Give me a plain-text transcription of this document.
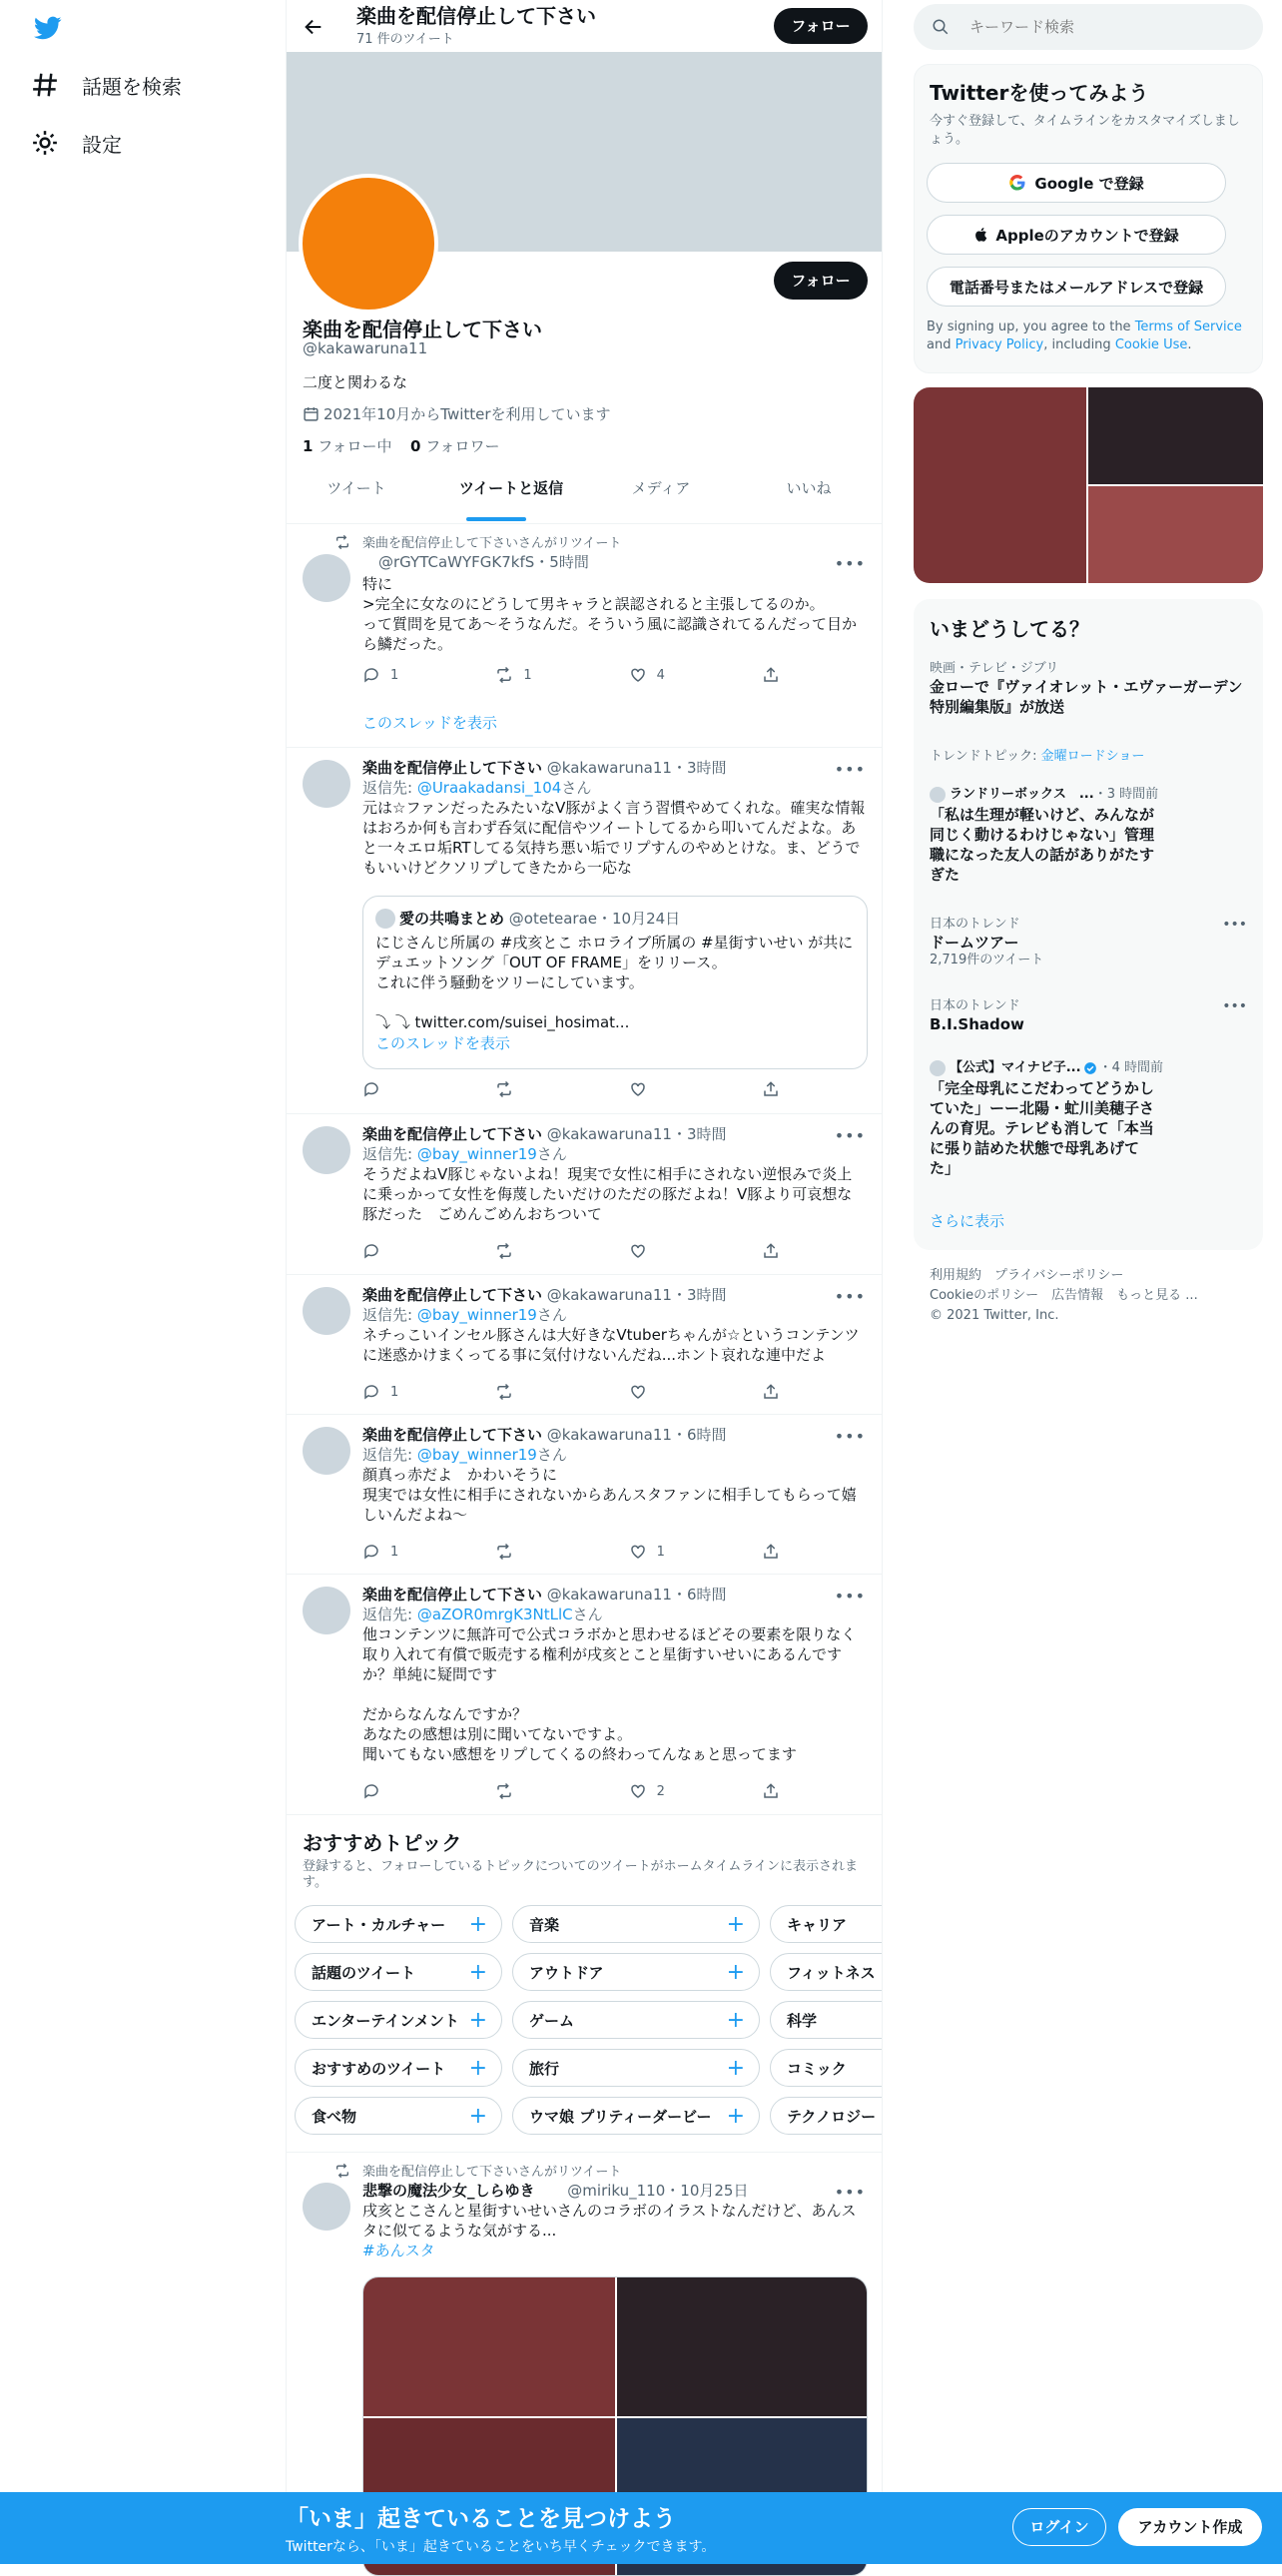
話題を検索
設定
楽曲を配信停止して下さい
71 件のツイート
フォロー
フォロー
楽曲を配信停止して下さい
@kakawaruna11
二度と関わるな
2021年10月からTwitterを利用しています
1 フォロー中 0 フォロワー
ツイート	ツイートと返信	メディア	いいね
楽曲を配信停止して下さいさんがリツイート
@rGYTCaWYFGK7kfS・5時間
特に
>完全に女なのにどうして男キャラと誤認されると主張してるのか。
って質問を見てあ〜そうなんだ。そういう風に認識されてるんだって目から鱗だった。
•••
1	1	4
このスレッドを表示
楽曲を配信停止して下さい @kakawaruna11・3時間
返信先: @Uraakadansi_104さん
元は☆ファンだったみたいなV豚がよく言う習慣やめてくれな。確実な情報はおろか何も言わず呑気に配信やツイートしてるから叩いてんだよな。あと一々エロ垢RTしてる気持ち悪い垢でリプすんのやめとけな。ま、どうでもいいけどクソリプしてきたから一応な
•••
愛の共鳴まとめ @otetearae・10月24日
にじさんじ所属の #戌亥とこ ホロライブ所属の #星街すいせい が共にデュエットソング「OUT OF FRAME」をリリース。
これに伴う騒動をツリーにしています。

⤵ ⤵ twitter.com/suisei_hosimat...
このスレッドを表示
楽曲を配信停止して下さい @kakawaruna11・3時間
返信先: @bay_winner19さん
そうだよねV豚じゃないよね！現実で女性に相手にされない逆恨みで炎上に乗っかって女性を侮蔑したいだけのただの豚だよね！V豚より可哀想な豚だった　ごめんごめんおちついて
•••
楽曲を配信停止して下さい @kakawaruna11・3時間
返信先: @bay_winner19さん
ネチっこいインセル豚さんは大好きなVtuberちゃんが☆というコンテンツに迷惑かけまくってる事に気付けないんだね...ホント哀れな連中だよ
•••
1
楽曲を配信停止して下さい @kakawaruna11・6時間
返信先: @bay_winner19さん
顔真っ赤だよ　かわいそうに
現実では女性に相手にされないからあんスタファンに相手してもらって嬉しいんだよね〜
•••
1	1
楽曲を配信停止して下さい @kakawaruna11・6時間
返信先: @aZOR0mrgK3NtLlCさん
他コンテンツに無許可で公式コラボかと思わせるほどその要素を限りなく取り入れて有償で販売する権利が戌亥とこと星街すいせいにあるんですか？単純に疑問です

だからなんなんですか？
あなたの感想は別に聞いてないですよ。
聞いてもない感想をリプしてくるの終わってんなぁと思ってます
•••
2
おすすめトピック
登録すると、フォローしているトピックについてのツイートがホームタイムラインに表示されます。
アート・カルチャー +	音楽	+	キャリア
話題のツイート +	アウトドア	+	フィットネス
エンターテインメント +	ゲーム	+	科学
おすすめのツイート +	旅行	+	コミック
食べ物	+	ウマ娘 プリティーダービー +	テクノロジー
楽曲を配信停止して下さいさんがリツイート
悲撃の魔法少女_しらゆき @miriku_110・10月25日
戌亥とこさんと星街すいせいさんのコラボのイラストなんだけど、あんスタに似てるような気がする...
#あんスタ
•••
キーワード検索
Twitterを使ってみよう
今すぐ登録して、タイムラインをカスタマイズしましょう。
Google で登録
Appleのアカウントで登録
電話番号またはメールアドレスで登録
By signing up, you agree to the Terms of Service and Privacy Policy, including Cookie Use.
いまどうしてる？
映画・テレビ・ジブリ
金ローで『ヴァイオレット・エヴァーガーデン 特別編集版』が放送
トレンドトピック: 金曜ロードショー
ランドリーボックス　... ・3 時間前
「私は生理が軽いけど、みんなが同じく動けるわけじゃない」管理職になった友人の話がありがたすぎた
日本のトレンド
ドームツアー
2,719件のツイート
•••
日本のトレンド
B.I.Shadow
•••
【公式】マイナビ子... ・4 時間前
「完全母乳にこだわってどうかしていた」ーー北陽・虻川美穂子さんの育児。テレビも消して「本当に張り詰めた状態で母乳あげてた」
さらに表示
利用規約　 プライバシーポリシー
Cookieのポリシー　 広告情報　 もっと見る ...
© 2021 Twitter, Inc.
「いま」起きていることを見つけよう
Twitterなら、「いま」起きていることをいち早くチェックできます。
ログイン	アカウント作成
